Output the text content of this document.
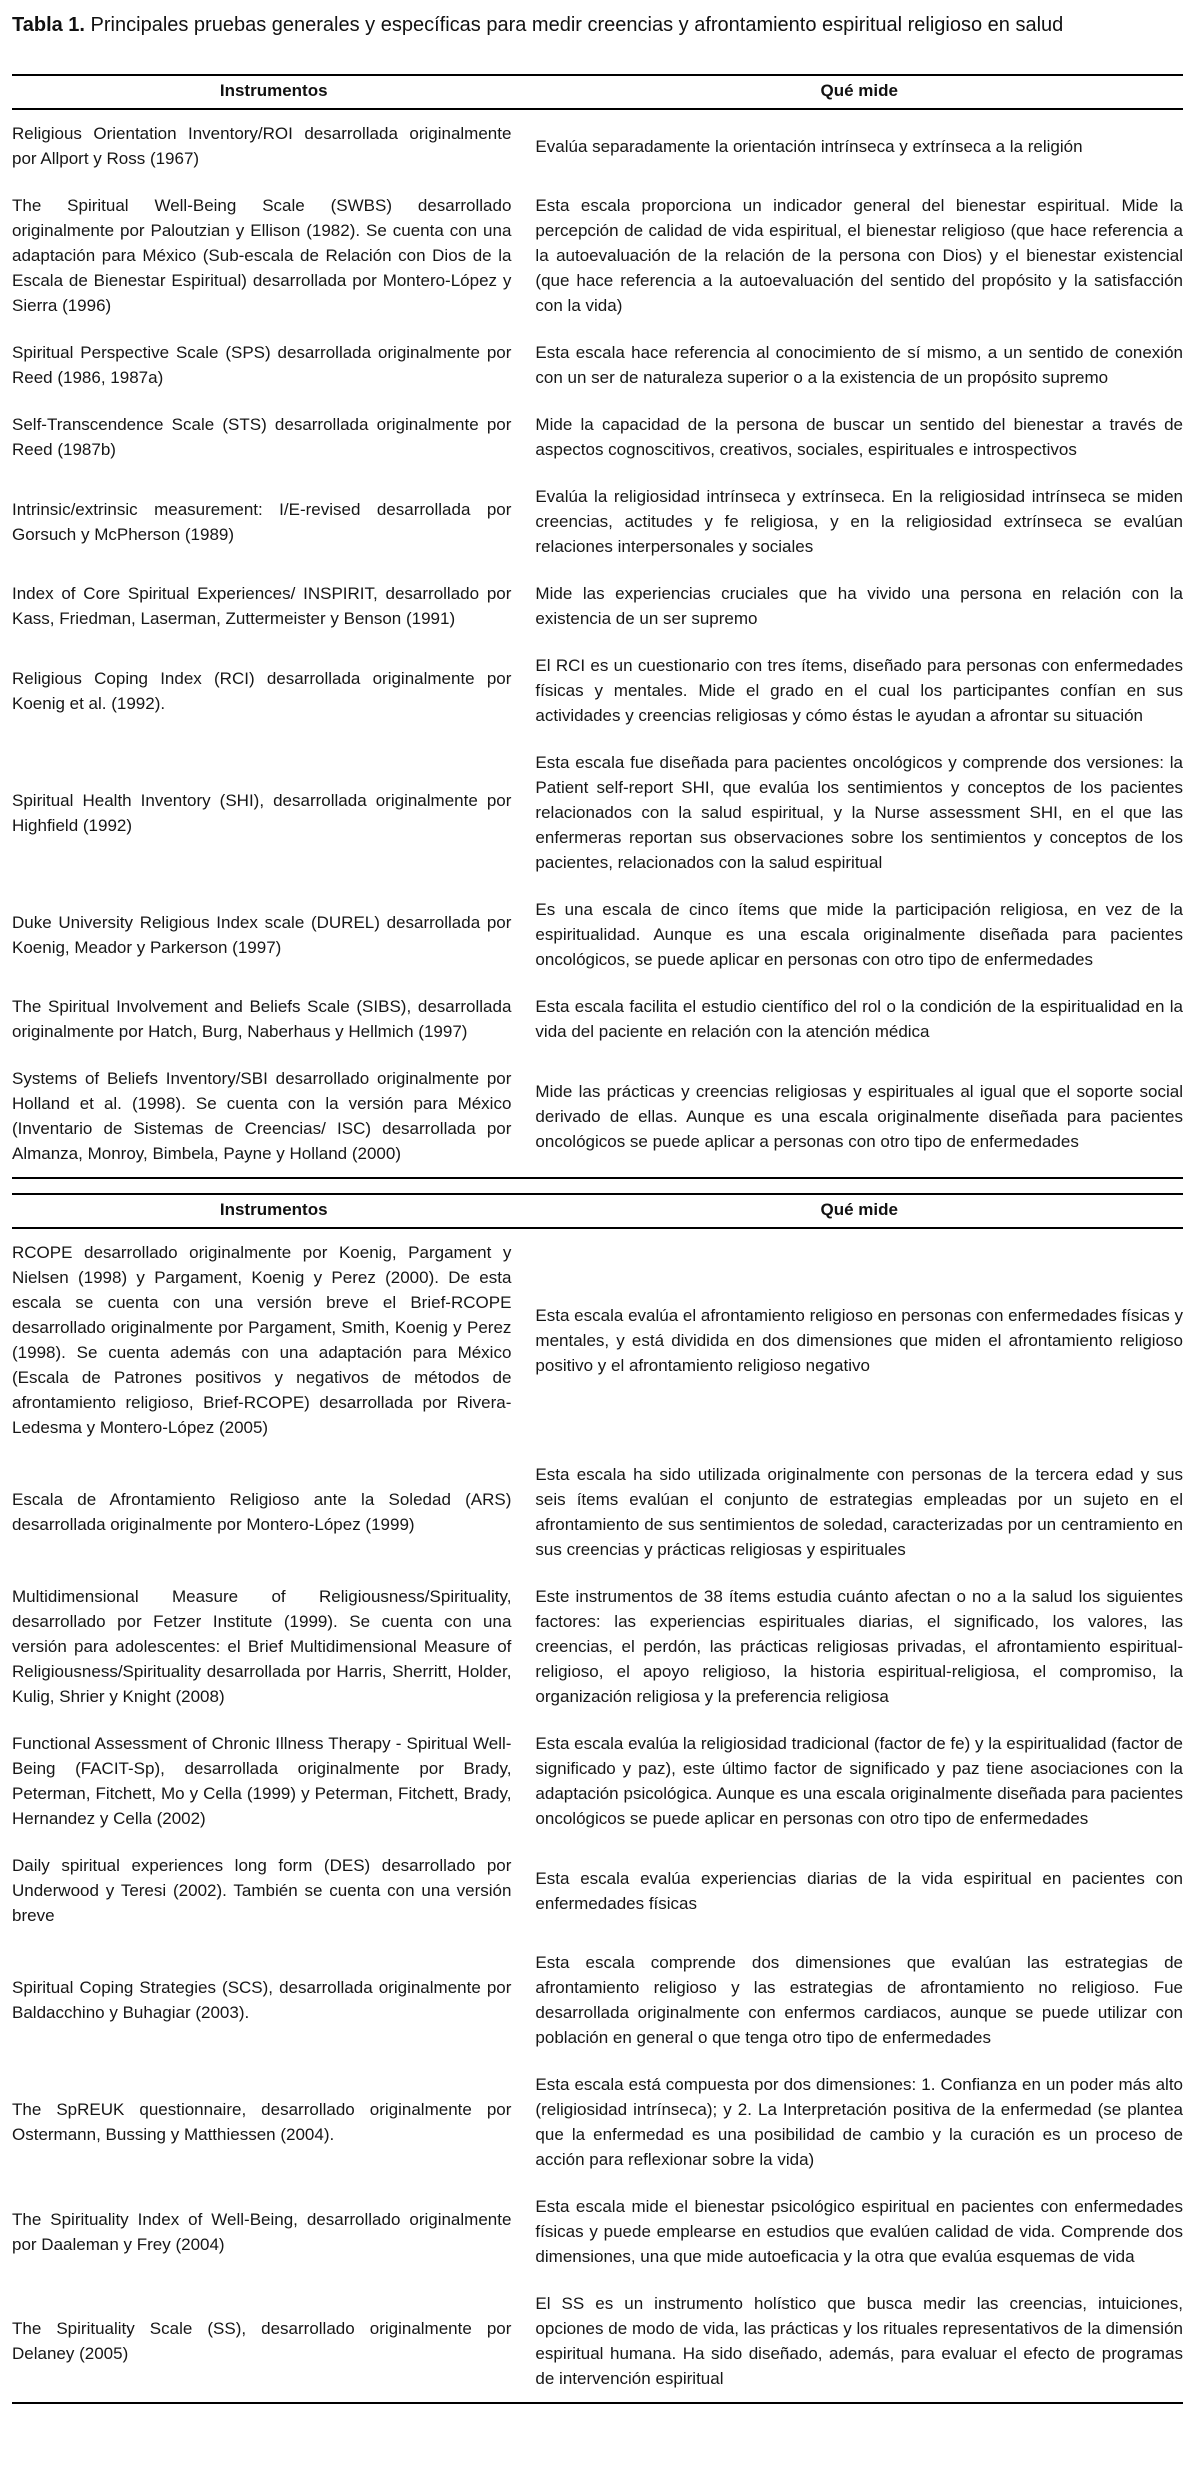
Tabla 1. Principales pruebas generales y específicas para medir creencias y afrontamiento espiritual religioso en salud

Instrumentos	Qué mide
Religious Orientation Inventory/ROI desarrollada originalmente por Allport y Ross (1967)	Evalúa separadamente la orientación intrínseca y extrínseca a la religión
The Spiritual Well-Being Scale (SWBS) desarrollado originalmente por Paloutzian y Ellison (1982). Se cuenta con una adaptación para México (Sub-escala de Relación con Dios de la Escala de Bienestar Espiritual) desarrollada por Montero-López y Sierra (1996)	Esta escala proporciona un indicador general del bienestar espiritual. Mide la percepción de calidad de vida espiritual, el bienestar religioso (que hace referencia a la autoevaluación de la relación de la persona con Dios) y el bienestar existencial (que hace referencia a la autoevaluación del sentido del propósito y la satisfacción con la vida)
Spiritual Perspective Scale (SPS) desarrollada originalmente por Reed (1986, 1987a)	Esta escala hace referencia al conocimiento de sí mismo, a un sentido de conexión con un ser de naturaleza superior o a la existencia de un propósito supremo
Self-Transcendence Scale (STS) desarrollada originalmente por Reed (1987b)	Mide la capacidad de la persona de buscar un sentido del bienestar a través de aspectos cognoscitivos, creativos, sociales, espirituales e introspectivos
Intrinsic/extrinsic measurement: I/E-revised desarrollada por Gorsuch y McPherson (1989)	Evalúa la religiosidad intrínseca y extrínseca. En la religiosidad intrínseca se miden creencias, actitudes y fe religiosa, y en la religiosidad extrínseca se evalúan relaciones interpersonales y sociales
Index of Core Spiritual Experiences/ INSPIRIT, desarrollado por Kass, Friedman, Laserman, Zuttermeister y Benson (1991)	Mide las experiencias cruciales que ha vivido una persona en relación con la existencia de un ser supremo
Religious Coping Index (RCI) desarrollada originalmente por Koenig et al. (1992).	El RCI es un cuestionario con tres ítems, diseñado para personas con enfermedades físicas y mentales. Mide el grado en el cual los participantes confían en sus actividades y creencias religiosas y cómo éstas le ayudan a afrontar su situación
Spiritual Health Inventory (SHI), desarrollada originalmente por Highfield (1992)	Esta escala fue diseñada para pacientes oncológicos y comprende dos versiones: la Patient self-report SHI, que evalúa los sentimientos y conceptos de los pacientes relacionados con la salud espiritual, y la Nurse assessment SHI, en el que las enfermeras reportan sus observaciones sobre los sentimientos y conceptos de los pacientes, relacionados con la salud espiritual
Duke University Religious Index scale (DUREL) desarrollada por Koenig, Meador y Parkerson (1997)	Es una escala de cinco ítems que mide la participación religiosa, en vez de la espiritualidad. Aunque es una escala originalmente diseñada para pacientes oncológicos, se puede aplicar en personas con otro tipo de enfermedades
The Spiritual Involvement and Beliefs Scale (SIBS), desarrollada originalmente por Hatch, Burg, Naberhaus y Hellmich (1997)	Esta escala facilita el estudio científico del rol o la condición de la espiritualidad en la vida del paciente en relación con la atención médica
Systems of Beliefs Inventory/SBI desarrollado originalmente por Holland et al. (1998). Se cuenta con la versión para México (Inventario de Sistemas de Creencias/ ISC) desarrollada por Almanza, Monroy, Bimbela, Payne y Holland (2000)	Mide las prácticas y creencias religiosas y espirituales al igual que el soporte social derivado de ellas. Aunque es una escala originalmente diseñada para pacientes oncológicos se puede aplicar a personas con otro tipo de enfermedades
Instrumentos	Qué mide
RCOPE desarrollado originalmente por Koenig, Pargament y Nielsen (1998) y Pargament, Koenig y Perez (2000). De esta escala se cuenta con una versión breve el Brief-RCOPE desarrollado originalmente por Pargament, Smith, Koenig y Perez (1998). Se cuenta además con una adaptación para México (Escala de Patrones positivos y negativos de métodos de afrontamiento religioso, Brief-RCOPE) desarrollada por Rivera-Ledesma y Montero-López (2005)	Esta escala evalúa el afrontamiento religioso en personas con enfermedades físicas y mentales, y está dividida en dos dimensiones que miden el afrontamiento religioso positivo y el afrontamiento religioso negativo
Escala de Afrontamiento Religioso ante la Soledad (ARS) desarrollada originalmente por Montero-López (1999)	Esta escala ha sido utilizada originalmente con personas de la tercera edad y sus seis ítems evalúan el conjunto de estrategias empleadas por un sujeto en el afrontamiento de sus sentimientos de soledad, caracterizadas por un centramiento en sus creencias y prácticas religiosas y espirituales
Multidimensional Measure of Religiousness/Spirituality, desarrollado por Fetzer Institute (1999). Se cuenta con una versión para adolescentes: el Brief Multidimensional Measure of Religiousness/Spirituality desarrollada por Harris, Sherritt, Holder, Kulig, Shrier y Knight (2008)	Este instrumentos de 38 ítems estudia cuánto afectan o no a la salud los siguientes factores: las experiencias espirituales diarias, el significado, los valores, las creencias, el perdón, las prácticas religiosas privadas, el afrontamiento espiritual-religioso, el apoyo religioso, la historia espiritual-religiosa, el compromiso, la organización religiosa y la preferencia religiosa
Functional Assessment of Chronic Illness Therapy - Spiritual Well-Being (FACIT-Sp), desarrollada originalmente por Brady, Peterman, Fitchett, Mo y Cella (1999) y Peterman, Fitchett, Brady, Hernandez y Cella (2002)	Esta escala evalúa la religiosidad tradicional (factor de fe) y la espiritualidad (factor de significado y paz), este último factor de significado y paz tiene asociaciones con la adaptación psicológica. Aunque es una escala originalmente diseñada para pacientes oncológicos se puede aplicar en personas con otro tipo de enfermedades
Daily spiritual experiences long form (DES) desarrollado por Underwood y Teresi (2002). También se cuenta con una versión breve	Esta escala evalúa experiencias diarias de la vida espiritual en pacientes con enfermedades físicas
Spiritual Coping Strategies (SCS), desarrollada originalmente por Baldacchino y Buhagiar (2003).	Esta escala comprende dos dimensiones que evalúan las estrategias de afrontamiento religioso y las estrategias de afrontamiento no religioso. Fue desarrollada originalmente con enfermos cardiacos, aunque se puede utilizar con población en general o que tenga otro tipo de enfermedades
The SpREUK questionnaire, desarrollado originalmente por Ostermann, Bussing y Matthiessen (2004).	Esta escala está compuesta por dos dimensiones: 1. Confianza en un poder más alto (religiosidad intrínseca); y 2. La Interpretación positiva de la enfermedad (se plantea que la enfermedad es una posibilidad de cambio y la curación es un proceso de acción para reflexionar sobre la vida)
The Spirituality Index of Well-Being, desarrollado originalmente por Daaleman y Frey (2004)	Esta escala mide el bienestar psicológico espiritual en pacientes con enfermedades físicas y puede emplearse en estudios que evalúen calidad de vida. Comprende dos dimensiones, una que mide autoeficacia y la otra que evalúa esquemas de vida
The Spirituality Scale (SS), desarrollado originalmente por Delaney (2005)	El SS es un instrumento holístico que busca medir las creencias, intuiciones, opciones de modo de vida, las prácticas y los rituales representativos de la dimensión espiritual humana. Ha sido diseñado, además, para evaluar el efecto de programas de intervención espiritual
